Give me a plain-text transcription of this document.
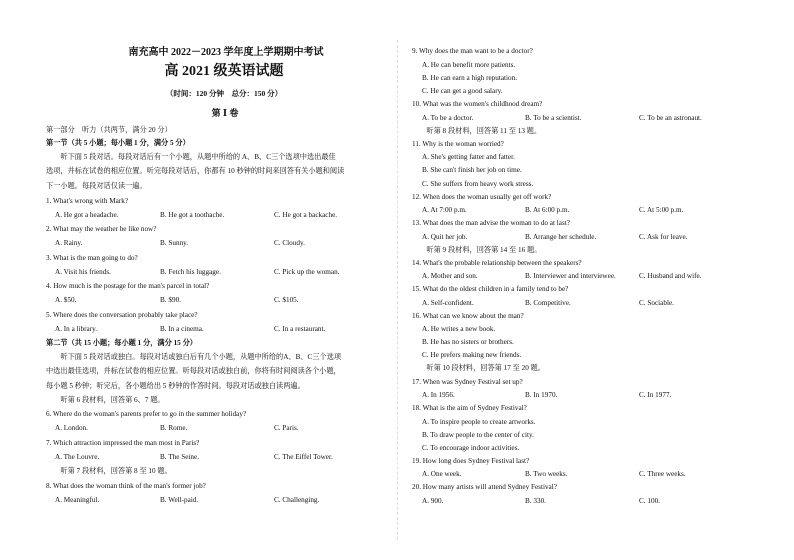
南充高中 2022－2023 学年度上学期期中考试
高 2021 级英语试题
（时间：120 分钟　总分：150 分）
第 Ⅰ 卷
第一部分　听力（共两节，满分 20 分）
第一节（共 5 小题；每小题 1 分，满分 5 分）
　　听下面 5 段对话。每段对话后有一个小题，从题中所给的 A、B、C三个选项中选出最佳
选项，并标在试卷的相应位置。听完每段对话后，你都有 10 秒钟的时间来回答有关小题和阅读
下一小题。每段对话仅读一遍。
1. What's wrong with Mark?
A. He got a headache.	B. He got a toothache.	C. He got a backache.
2. What may the weather be like now?
A. Rainy.	B. Sunny.	C. Cloudy.
3. What is the man going to do?
A. Visit his friends.	B. Fetch his luggage.	C. Pick up the woman.
4. How much is the postage for the man's parcel in total?
A. $50.	B. $90.	C. $105.
5. Where does the conversation probably take place?
A. In a library.	B. In a cinema.	C. In a restaurant.
第二节（共 15 小题；每小题 1 分，满分 15 分）
　　听下面 5 段对话或独白。每段对话或独白后有几个小题，从题中所给的A、B、C三个选项
中选出最佳选项，并标在试卷的相应位置。听每段对话或独白前，你将有时间阅读各个小题，
每小题 5 秒钟；听完后，各小题给出 5 秒钟的作答时间。每段对话或独白读两遍。
　　听第 6 段材料，回答第 6、7 题。
6. Where do the woman's parents prefer to go in the summer holiday?
A. London.	B. Rome.	C. Paris.
7. Which attraction impressed the man most in Paris?
A. The Louvre.	B. The Seine.	C. The Eiffel Tower.
　　听第 7 段材料，回答第 8 至 10 题。
8. What does the woman think of the man's former job?
A. Meaningful.	B. Well-paid.	C. Challenging.
9. Why does the man want to be a doctor?
A. He can benefit more patients.
B. He can earn a high reputation.
C. He can get a good salary.
10. What was the women's childhood dream?
A. To be a doctor.	B. To be a scientist.	C. To be an astronaut.
　　听第 8 段材料，回答第 11 至 13 题。
11. Why is the woman worried?
A. She's getting fatter and fatter.
B. She can't finish her job on time.
C. She suffers from heavy work stress.
12. When does the woman usually get off work?
A. At 7:00 p.m.	B. At 6:00 p.m.	C. At 5:00 p.m.
13. What does the man advise the woman to do at last?
A. Quit her job.	B. Arrange her schedule.	C. Ask for leave.
　　听第 9 段材料，回答第 14 至 16 题。
14. What's the probable relationship between the speakers?
A. Mother and son.	B. Interviewer and interviewee.	C. Husband and wife.
15. What do the oldest children in a family tend to be?
A. Self-confident.	B. Competitive.	C. Sociable.
16. What can we know about the man?
A. He writes a new book.
B. He has no sisters or brothers.
C. He prefers making new friends.
　　听第 10 段材料，回答第 17 至 20 题。
17. When was Sydney Festival set up?
A. In 1956.	B. In 1970.	C. In 1977.
18. What is the aim of Sydney Festival?
A. To inspire people to create artworks.
B. To draw people to the center of city.
C. To encourage indoor activities.
19. How long does Sydney Festival last?
A. One week.	B. Two weeks.	C. Three weeks.
20. How many artists will attend Sydney Festival?
A. 900.	B. 330.	C. 100.
